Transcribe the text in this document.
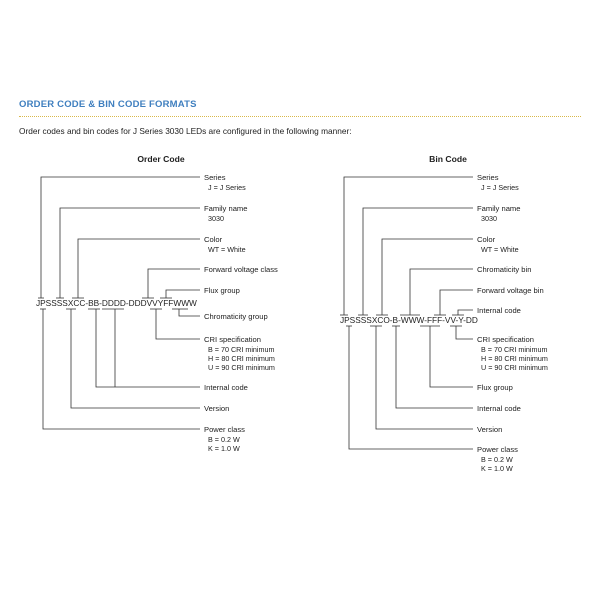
ORDER CODE & BIN CODE FORMATS
Order codes and bin codes for J Series 3030 LEDs are configured in the following manner:
Order Code
JPSSSSXCC-BB-DDDD-DDDVVYFFWWW
Series
J = J Series
Family name
3030
Color
WT = White
Forward voltage class
Flux group
Chromaticity group
CRI specification
B = 70 CRI minimum
H = 80 CRI minimum
U = 90 CRI minimum
Internal code
Version
Power class
B = 0.2 W
K = 1.0 W
Bin Code
JPSSSSXCO-B-WWW-FFF-VV-Y-DD
Series
J = J Series
Family name
3030
Color
WT = White
Chromaticity bin
Forward voltage bin
Internal code
CRI specification
B = 70 CRI minimum
H = 80 CRI minimum
U = 90 CRI minimum
Flux group
Internal code
Version
Power class
B = 0.2 W
K = 1.0 W
